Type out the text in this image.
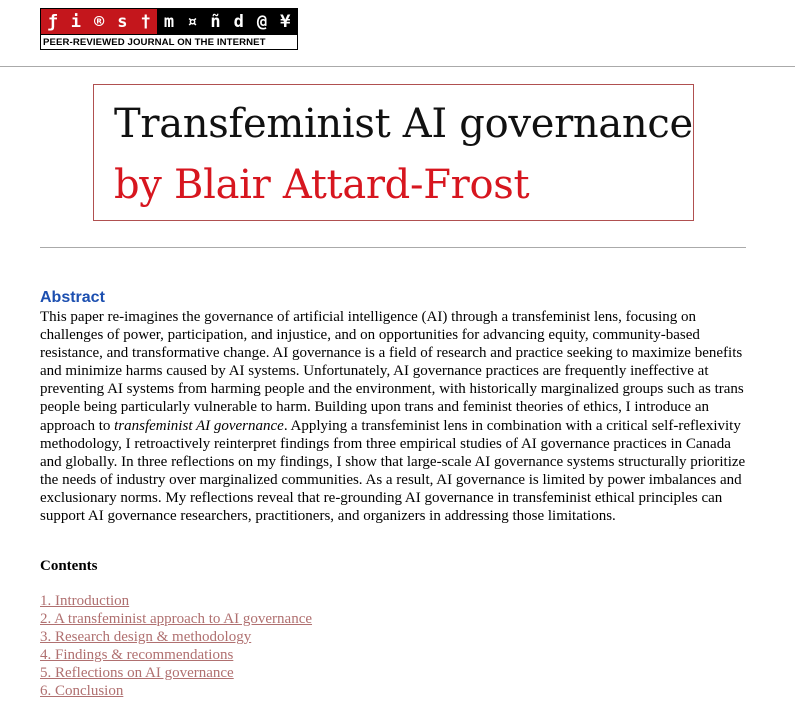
ƒ i ® s † m ¤ ñ d @ ¥
PEER-REVIEWED JOURNAL ON THE INTERNET
Transfeminist AI governance
by Blair Attard-Frost
Abstract
This paper re-imagines the governance of artificial intelligence (AI) through a transfeminist lens, focusing on challenges of power, participation, and injustice, and on opportunities for advancing equity, community-based resistance, and transformative change. AI governance is a field of research and practice seeking to maximize benefits and minimize harms caused by AI systems. Unfortunately, AI governance practices are frequently ineffective at preventing AI systems from harming people and the environment, with historically marginalized groups such as trans people being particularly vulnerable to harm. Building upon trans and feminist theories of ethics, I introduce an approach to transfeminist AI governance. Applying a transfeminist lens in combination with a critical self-reflexivity methodology, I retroactively reinterpret findings from three empirical studies of AI governance practices in Canada and globally. In three reflections on my findings, I show that large-scale AI governance systems structurally prioritize the needs of industry over marginalized communities. As a result, AI governance is limited by power imbalances and exclusionary norms. My reflections reveal that re-grounding AI governance in transfeminist ethical principles can support AI governance researchers, practitioners, and organizers in addressing those limitations.
Contents
1. Introduction
2. A transfeminist approach to AI governance
3. Research design & methodology
4. Findings & recommendations
5. Reflections on AI governance
6. Conclusion
